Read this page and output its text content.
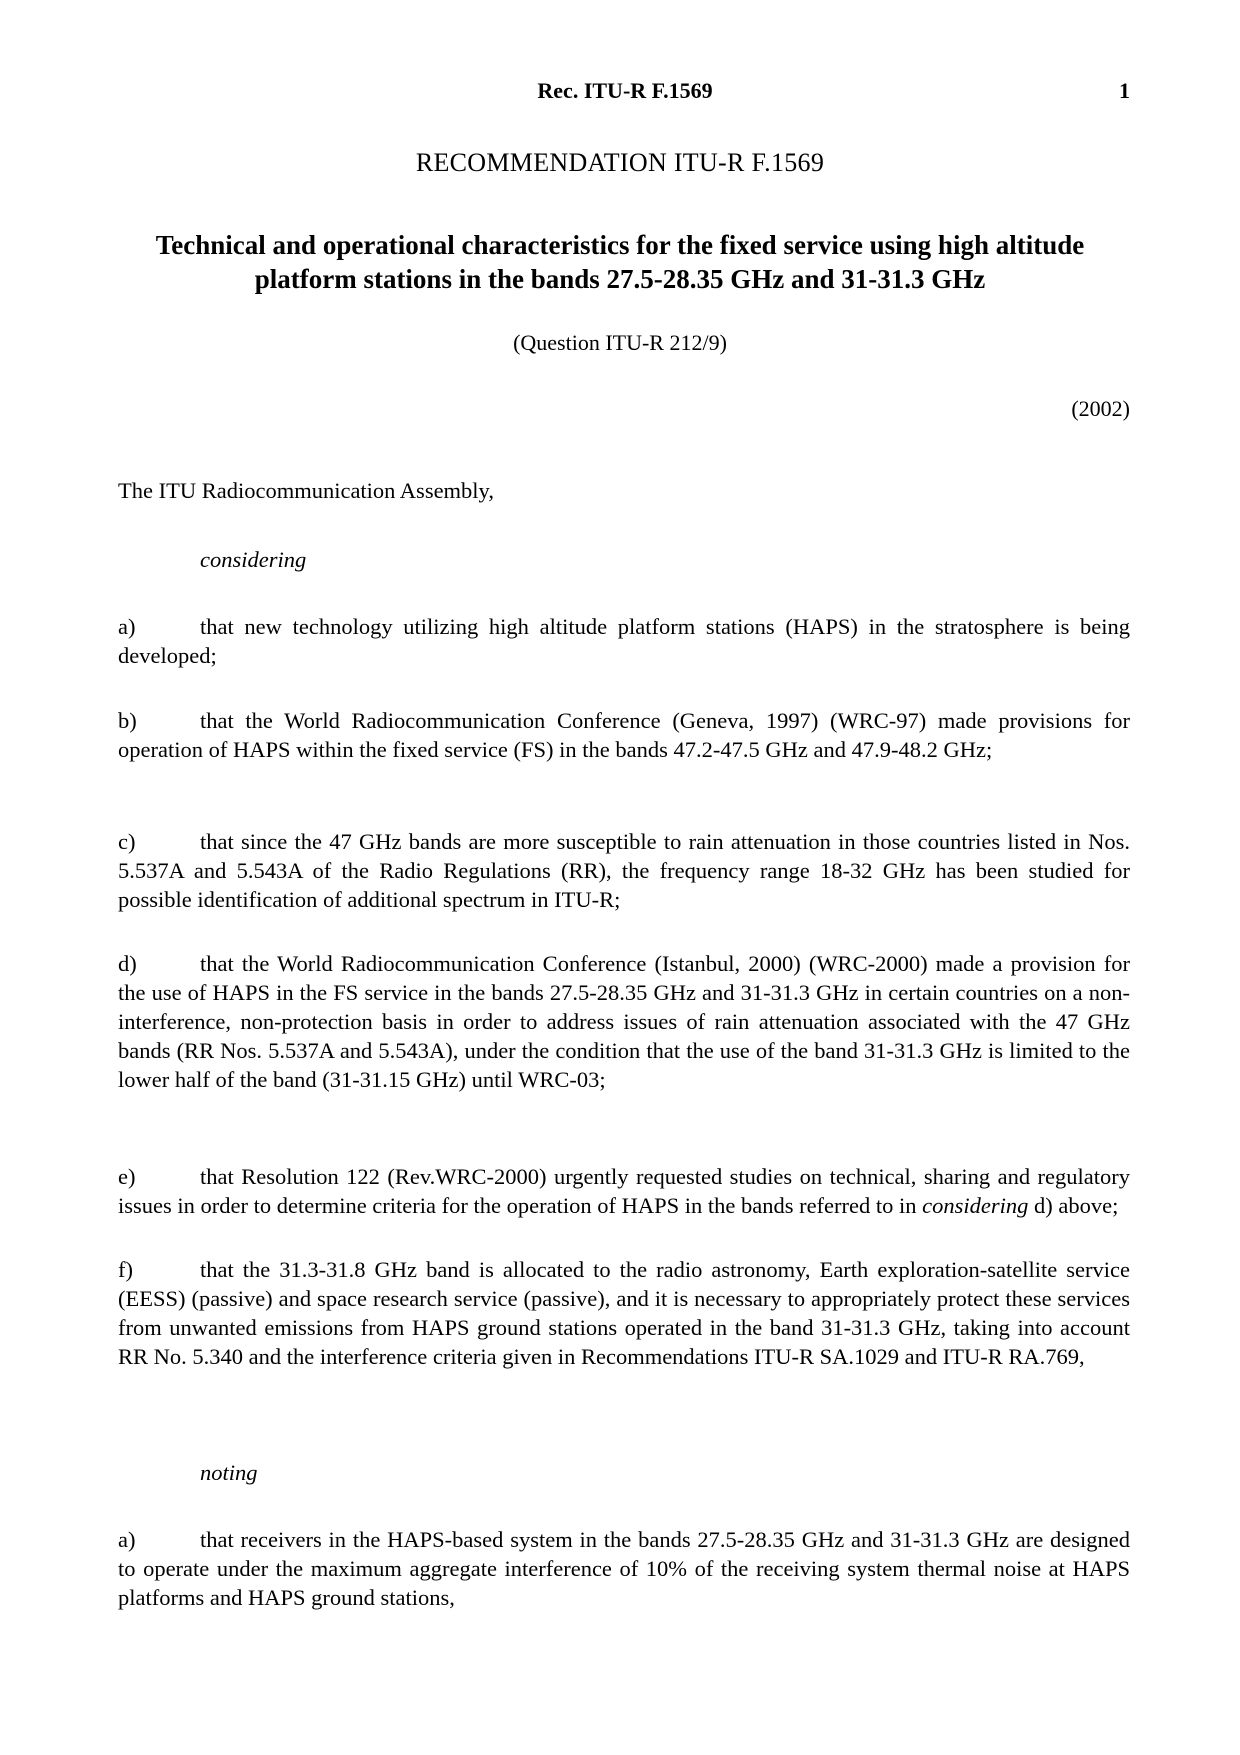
Rec. ITU-R F.1569	1
RECOMMENDATION ITU-R F.1569
Technical and operational characteristics for the fixed service using high altitude platform stations in the bands 27.5-28.35 GHz and 31-31.3 GHz
(Question ITU-R 212/9)
(2002)
The ITU Radiocommunication Assembly,
considering
a)	that new technology utilizing high altitude platform stations (HAPS) in the stratosphere is being developed;
b)	that the World Radiocommunication Conference (Geneva, 1997) (WRC-97) made provisions for operation of HAPS within the fixed service (FS) in the bands 47.2-47.5 GHz and 47.9-48.2 GHz;
c)	that since the 47 GHz bands are more susceptible to rain attenuation in those countries listed in Nos. 5.537A and 5.543A of the Radio Regulations (RR), the frequency range 18-32 GHz has been studied for possible identification of additional spectrum in ITU-R;
d)	that the World Radiocommunication Conference (Istanbul, 2000) (WRC-2000) made a provision for the use of HAPS in the FS service in the bands 27.5-28.35 GHz and 31-31.3 GHz in certain countries on a non-interference, non-protection basis in order to address issues of rain attenuation associated with the 47 GHz bands (RR Nos. 5.537A and 5.543A), under the condition that the use of the band 31-31.3 GHz is limited to the lower half of the band (31-31.15 GHz) until WRC-03;
e)	that Resolution 122 (Rev.WRC-2000) urgently requested studies on technical, sharing and regulatory issues in order to determine criteria for the operation of HAPS in the bands referred to in considering d) above;
f)	that the 31.3-31.8 GHz band is allocated to the radio astronomy, Earth exploration-satellite service (EESS) (passive) and space research service (passive), and it is necessary to appropriately protect these services from unwanted emissions from HAPS ground stations operated in the band 31-31.3 GHz, taking into account RR No. 5.340 and the interference criteria given in Recommendations ITU-R SA.1029 and ITU-R RA.769,
noting
a)	that receivers in the HAPS-based system in the bands 27.5-28.35 GHz and 31-31.3 GHz are designed to operate under the maximum aggregate interference of 10% of the receiving system thermal noise at HAPS platforms and HAPS ground stations,
